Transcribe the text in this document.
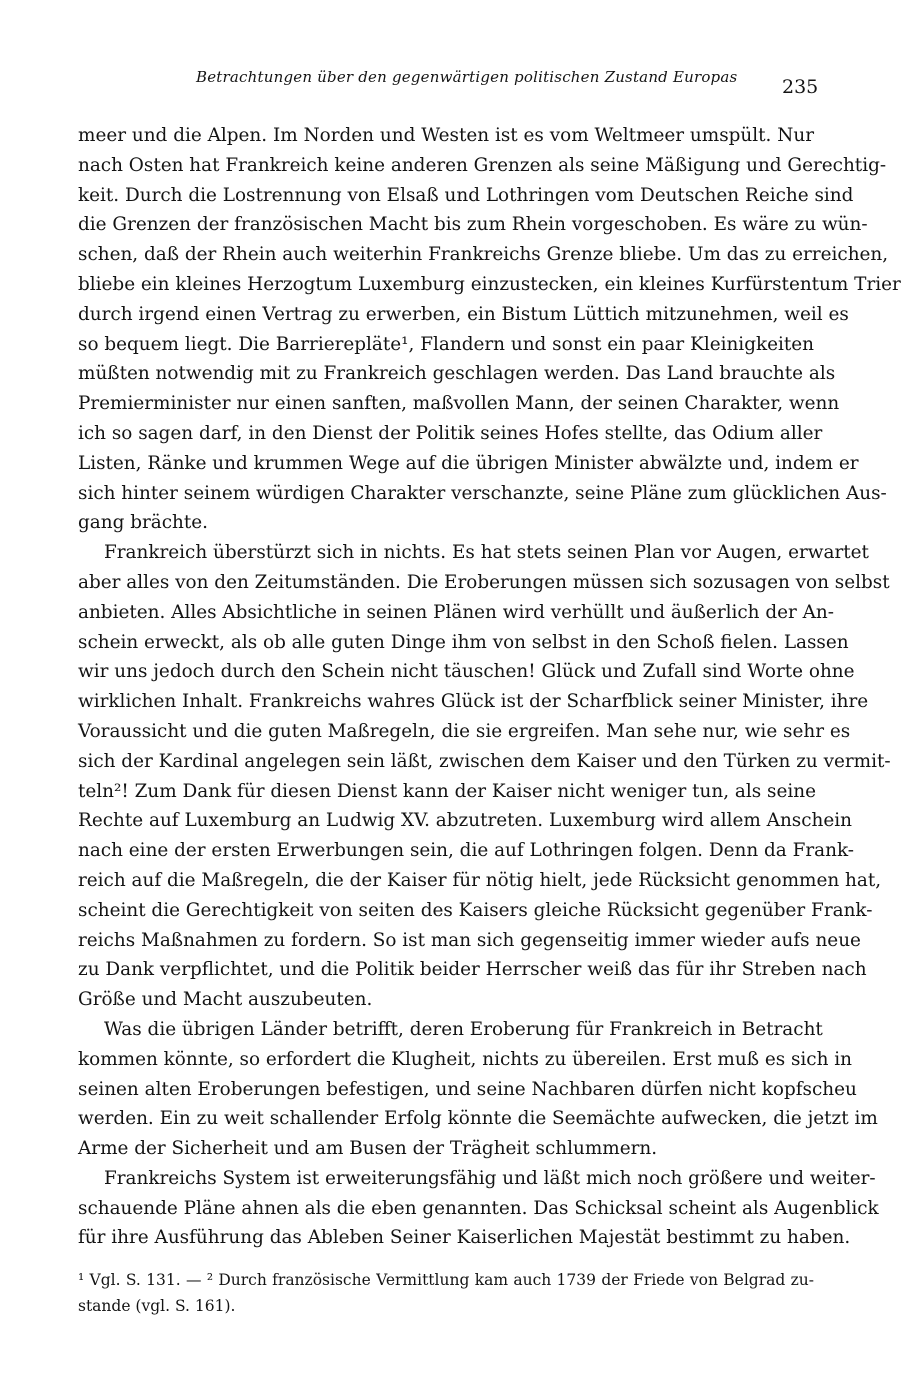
Betrachtungen über den gegenwärtigen politischen Zustand Europas 235
meer und die Alpen. Im Norden und Westen ist es vom Weltmeer umspült. Nur
nach Osten hat Frankreich keine anderen Grenzen als seine Mäßigung und Gerechtig-
keit. Durch die Lostrennung von Elsaß und Lothringen vom Deutschen Reiche sind
die Grenzen der französischen Macht bis zum Rhein vorgeschoben. Es wäre zu wün-
schen, daß der Rhein auch weiterhin Frankreichs Grenze bliebe. Um das zu erreichen,
bliebe ein kleines Herzogtum Luxemburg einzustecken, ein kleines Kurfürstentum Trier
durch irgend einen Vertrag zu erwerben, ein Bistum Lüttich mitzunehmen, weil es
so bequem liegt. Die Barrierepläte¹, Flandern und sonst ein paar Kleinigkeiten
müßten notwendig mit zu Frankreich geschlagen werden. Das Land brauchte als
Premierminister nur einen sanften, maßvollen Mann, der seinen Charakter, wenn
ich so sagen darf, in den Dienst der Politik seines Hofes stellte, das Odium aller
Listen, Ränke und krummen Wege auf die übrigen Minister abwälzte und, indem er
sich hinter seinem würdigen Charakter verschanzte, seine Pläne zum glücklichen Aus-
gang brächte.
Frankreich überstürzt sich in nichts. Es hat stets seinen Plan vor Augen, erwartet
aber alles von den Zeitumständen. Die Eroberungen müssen sich sozusagen von selbst
anbieten. Alles Absichtliche in seinen Plänen wird verhüllt und äußerlich der An-
schein erweckt, als ob alle guten Dinge ihm von selbst in den Schoß fielen. Lassen
wir uns jedoch durch den Schein nicht täuschen! Glück und Zufall sind Worte ohne
wirklichen Inhalt. Frankreichs wahres Glück ist der Scharfblick seiner Minister, ihre
Voraussicht und die guten Maßregeln, die sie ergreifen. Man sehe nur, wie sehr es
sich der Kardinal angelegen sein läßt, zwischen dem Kaiser und den Türken zu vermit-
teln²! Zum Dank für diesen Dienst kann der Kaiser nicht weniger tun, als seine
Rechte auf Luxemburg an Ludwig XV. abzutreten. Luxemburg wird allem Anschein
nach eine der ersten Erwerbungen sein, die auf Lothringen folgen. Denn da Frank-
reich auf die Maßregeln, die der Kaiser für nötig hielt, jede Rücksicht genommen hat,
scheint die Gerechtigkeit von seiten des Kaisers gleiche Rücksicht gegenüber Frank-
reichs Maßnahmen zu fordern. So ist man sich gegenseitig immer wieder aufs neue
zu Dank verpflichtet, und die Politik beider Herrscher weiß das für ihr Streben nach
Größe und Macht auszubeuten.
Was die übrigen Länder betrifft, deren Eroberung für Frankreich in Betracht
kommen könnte, so erfordert die Klugheit, nichts zu übereilen. Erst muß es sich in
seinen alten Eroberungen befestigen, und seine Nachbaren dürfen nicht kopfscheu
werden. Ein zu weit schallender Erfolg könnte die Seemächte aufwecken, die jetzt im
Arme der Sicherheit und am Busen der Trägheit schlummern.
Frankreichs System ist erweiterungsfähig und läßt mich noch größere und weiter-
schauende Pläne ahnen als die eben genannten. Das Schicksal scheint als Augenblick
für ihre Ausführung das Ableben Seiner Kaiserlichen Majestät bestimmt zu haben.
¹ Vgl. S. 131. — ² Durch französische Vermittlung kam auch 1739 der Friede von Belgrad zu-
stande (vgl. S. 161).
